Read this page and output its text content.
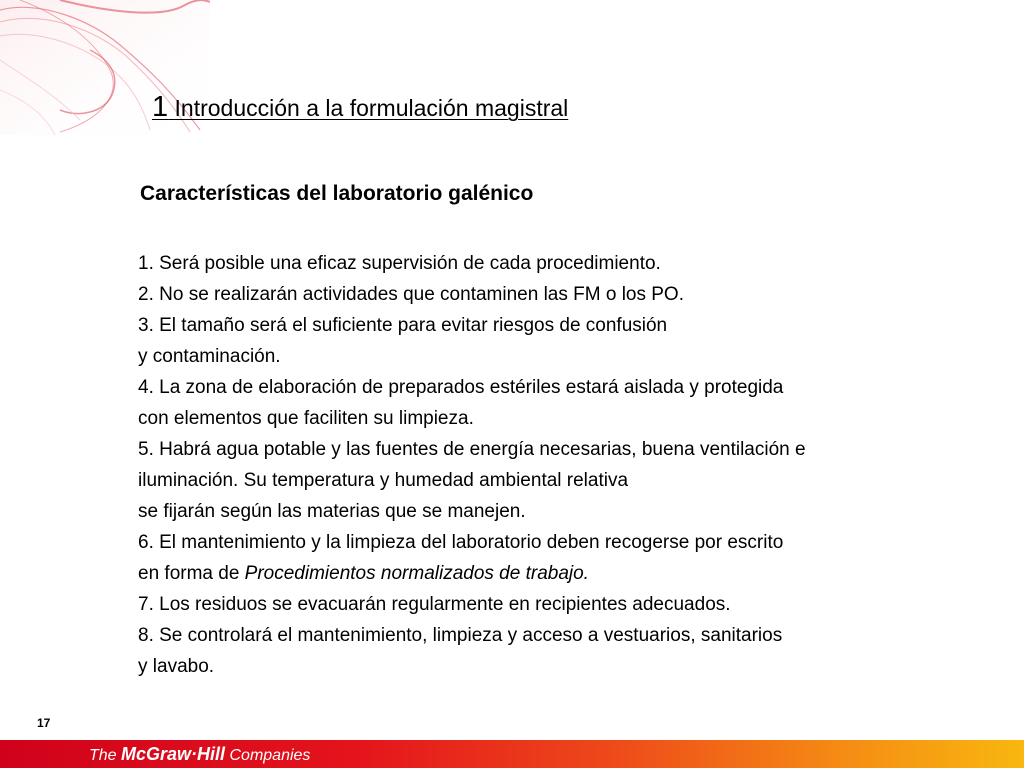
1 Introducción a la formulación magistral
Características del laboratorio galénico
1. Será posible una eficaz supervisión de cada procedimiento.
2. No se realizarán actividades que contaminen las FM o los PO.
3. El tamaño será el suficiente para evitar riesgos de confusión
y contaminación.
4. La zona de elaboración de preparados estériles estará aislada y protegida
con elementos que faciliten su limpieza.
5. Habrá agua potable y las fuentes de energía necesarias, buena ventilación e
iluminación. Su temperatura y humedad ambiental relativa
se fijarán según las materias que se manejen.
6. El mantenimiento y la limpieza del laboratorio deben recogerse por escrito
en forma de Procedimientos normalizados de trabajo.
7. Los residuos se evacuarán regularmente en recipientes adecuados.
8. Se controlará el mantenimiento, limpieza y acceso a vestuarios, sanitarios
y lavabo.
17
The McGraw·Hill Companies
